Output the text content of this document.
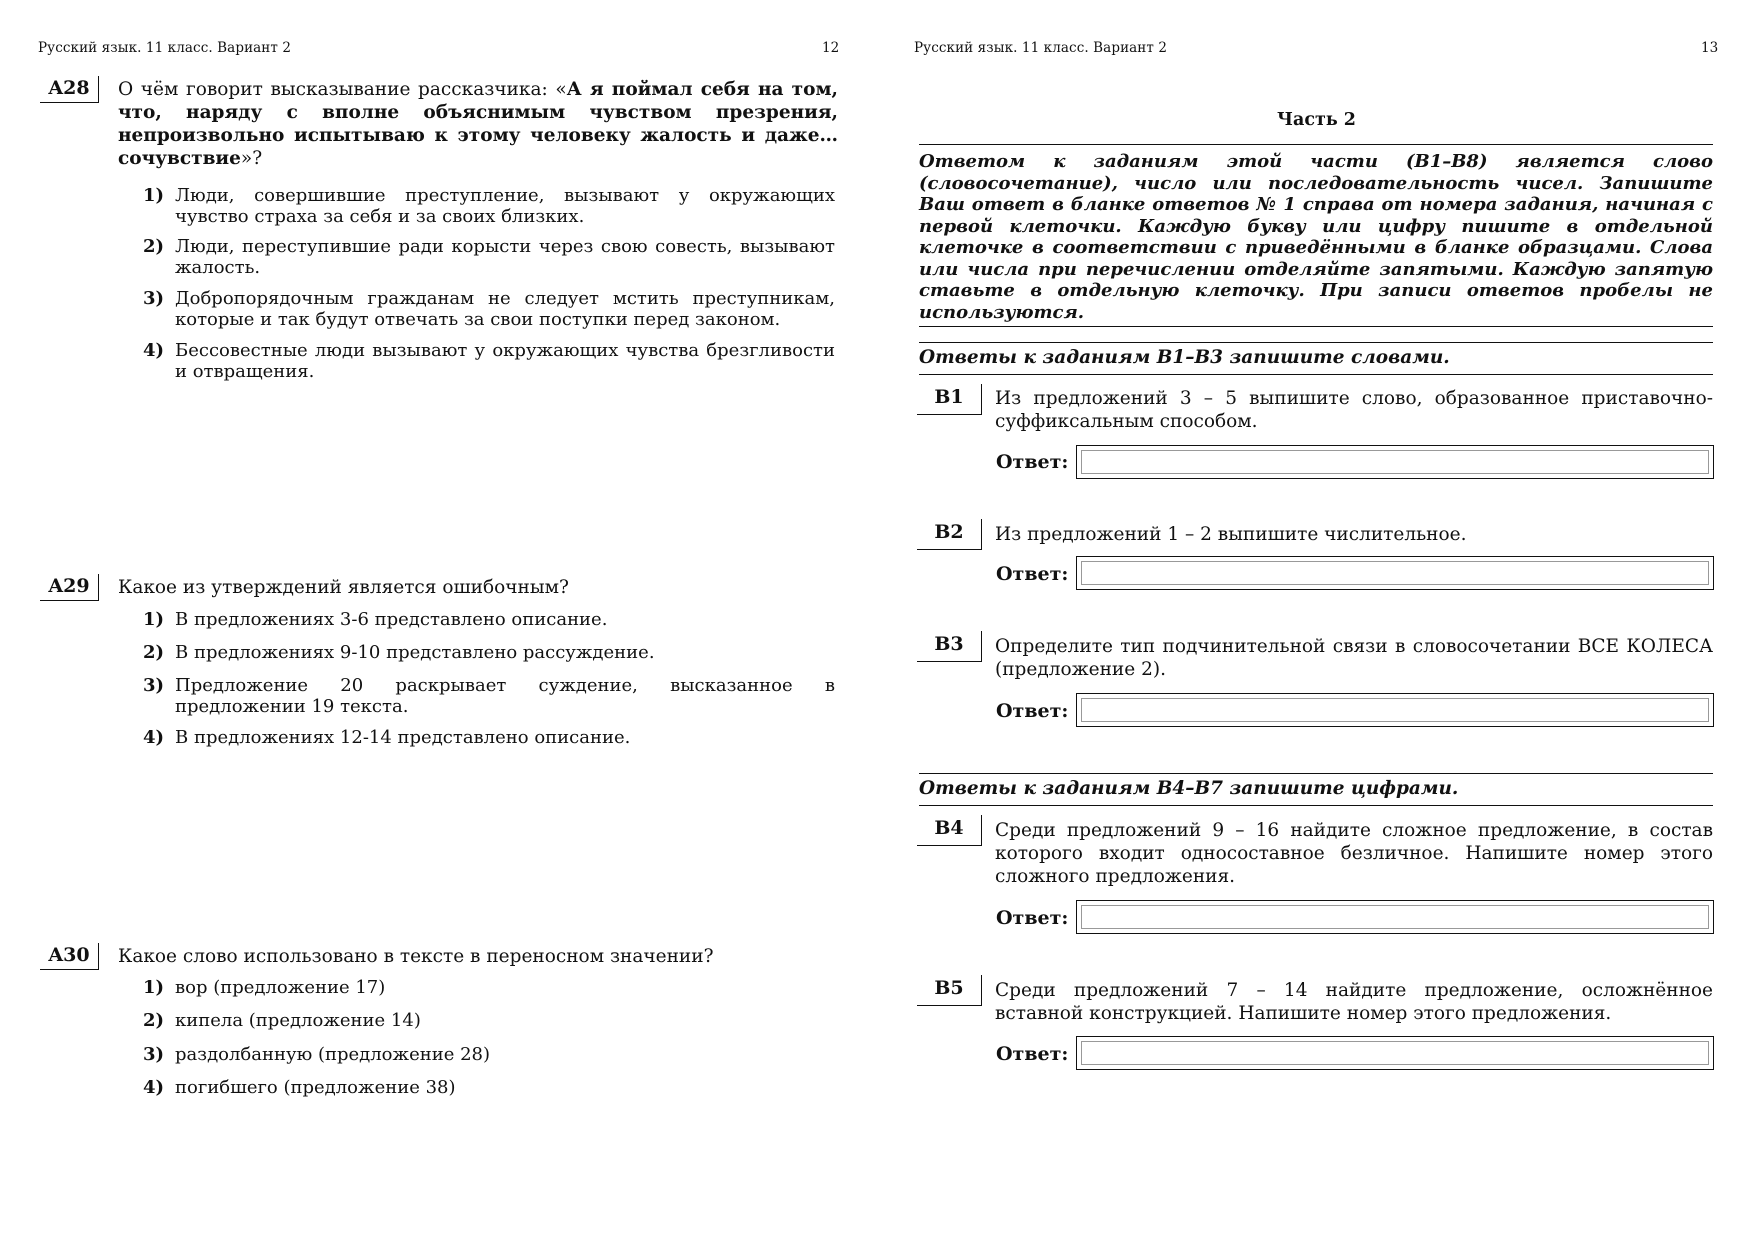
Русский язык. 11 класс. Вариант 2	12
A28	О чём говорит высказывание рассказчика: «А я поймал себя на том, что, наряду с вполне объяснимым чувством презрения, непроизвольно испытываю к этому человеку жалость и даже… сочувствие»?
1) Люди, совершившие преступление, вызывают у окружающих чувство страха за себя и за своих близких.
2) Люди, переступившие ради корысти через свою совесть, вызывают жалость.
3) Добропорядочным гражданам не следует мстить преступникам, которые и так будут отвечать за свои поступки перед законом.
4) Бессовестные люди вызывают у окружающих чувства брезгливости и отвращения.
A29	Какое из утверждений является ошибочным?
1) В предложениях 3-6 представлено описание.
2) В предложениях 9-10 представлено рассуждение.
3) Предложение 20 раскрывает суждение, высказанное в предложении 19 текста.
4) В предложениях 12-14 представлено описание.
A30	Какое слово использовано в тексте в переносном значении?
1) вор (предложение 17)
2) кипела (предложение 14)
3) раздолбанную (предложение 28)
4) погибшего (предложение 38)
Русский язык. 11 класс. Вариант 2	13
Часть 2
Ответом к заданиям этой части (В1–В8) является слово (словосочетание), число или последовательность чисел. Запишите Ваш ответ в бланке ответов № 1 справа от номера задания, начиная с первой клеточки. Каждую букву или цифру пишите в отдельной клеточке в соответствии с приведёнными в бланке образцами. Слова или числа при перечислении отделяйте запятыми. Каждую запятую ставьте в отдельную клеточку. При записи ответов пробелы не используются.
Ответы к заданиям В1–В3 запишите словами.
B1	Из предложений 3 – 5 выпишите слово, образованное приставочно-суффиксальным способом.
Ответ:
B2	Из предложений 1 – 2 выпишите числительное.
Ответ:
B3	Определите тип подчинительной связи в словосочетании ВСЕ КОЛЕСА (предложение 2).
Ответ:
Ответы к заданиям В4–В7 запишите цифрами.
B4	Среди предложений 9 – 16 найдите сложное предложение, в состав которого входит односоставное безличное. Напишите номер этого сложного предложения.
Ответ:
B5	Среди предложений 7 – 14 найдите предложение, осложнённое вставной конструкцией. Напишите номер этого предложения.
Ответ:
